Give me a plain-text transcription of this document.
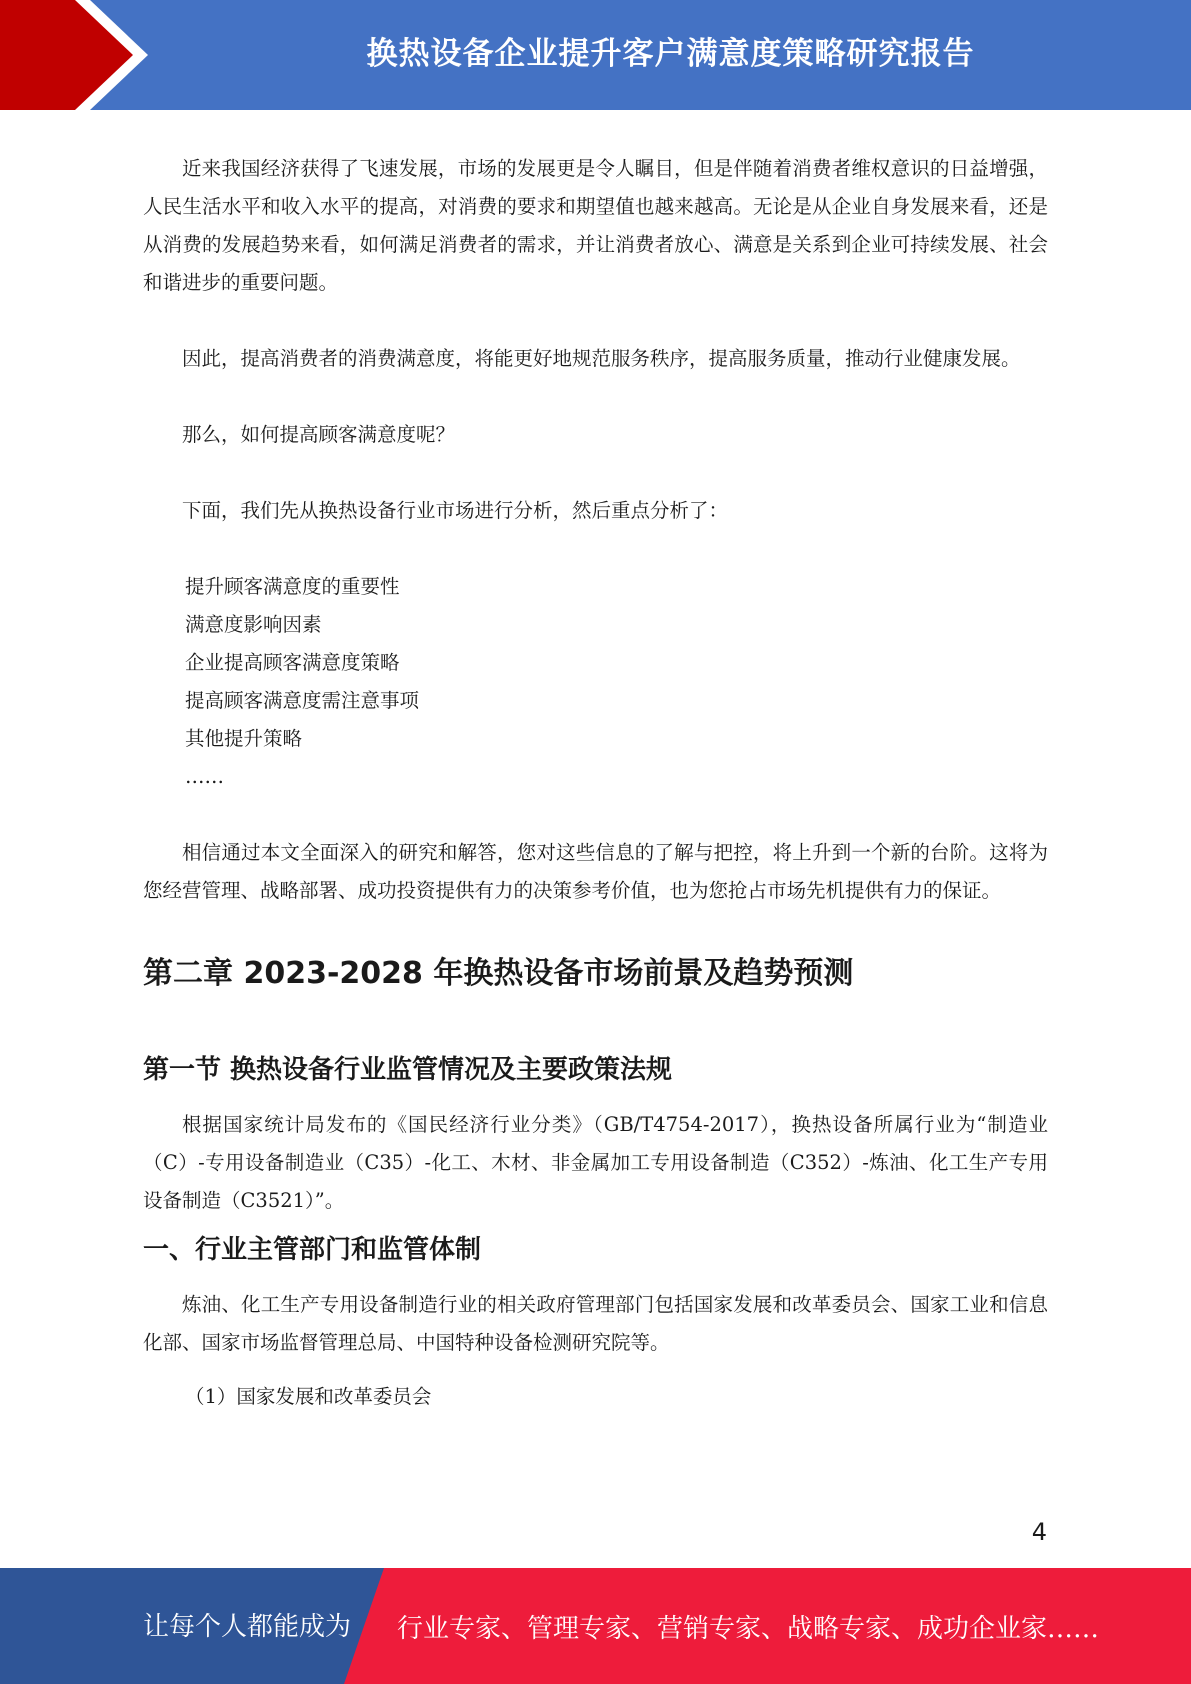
换热设备企业提升客户满意度策略研究报告

近来我国经济获得了飞速发展，市场的发展更是令人瞩目，但是伴随着消费者维权意识的日益增强，人民生活水平和收入水平的提高，对消费的要求和期望值也越来越高。无论是从企业自身发展来看，还是从消费的发展趋势来看，如何满足消费者的需求，并让消费者放心、满意是关系到企业可持续发展、社会和谐进步的重要问题。

因此，提高消费者的消费满意度，将能更好地规范服务秩序，提高服务质量，推动行业健康发展。

那么，如何提高顾客满意度呢？

下面，我们先从换热设备行业市场进行分析，然后重点分析了：

提升顾客满意度的重要性
满意度影响因素
企业提高顾客满意度策略
提高顾客满意度需注意事项
其他提升策略
……

相信通过本文全面深入的研究和解答，您对这些信息的了解与把控，将上升到一个新的台阶。这将为您经营管理、战略部署、成功投资提供有力的决策参考价值，也为您抢占市场先机提供有力的保证。

第二章 2023-2028 年换热设备市场前景及趋势预测
第一节 换热设备行业监管情况及主要政策法规

根据国家统计局发布的《国民经济行业分类》（GB/T4754-2017），换热设备所属行业为“制造业（C）-专用设备制造业（C35）-化工、木材、非金属加工专用设备制造（C352）-炼油、化工生产专用设备制造（C3521）”。

一、行业主管部门和监管体制

炼油、化工生产专用设备制造行业的相关政府管理部门包括国家发展和改革委员会、国家工业和信息化部、国家市场监督管理总局、中国特种设备检测研究院等。

（1）国家发展和改革委员会

4
让每个人都能成为 行业专家、管理专家、营销专家、战略专家、成功企业家……
